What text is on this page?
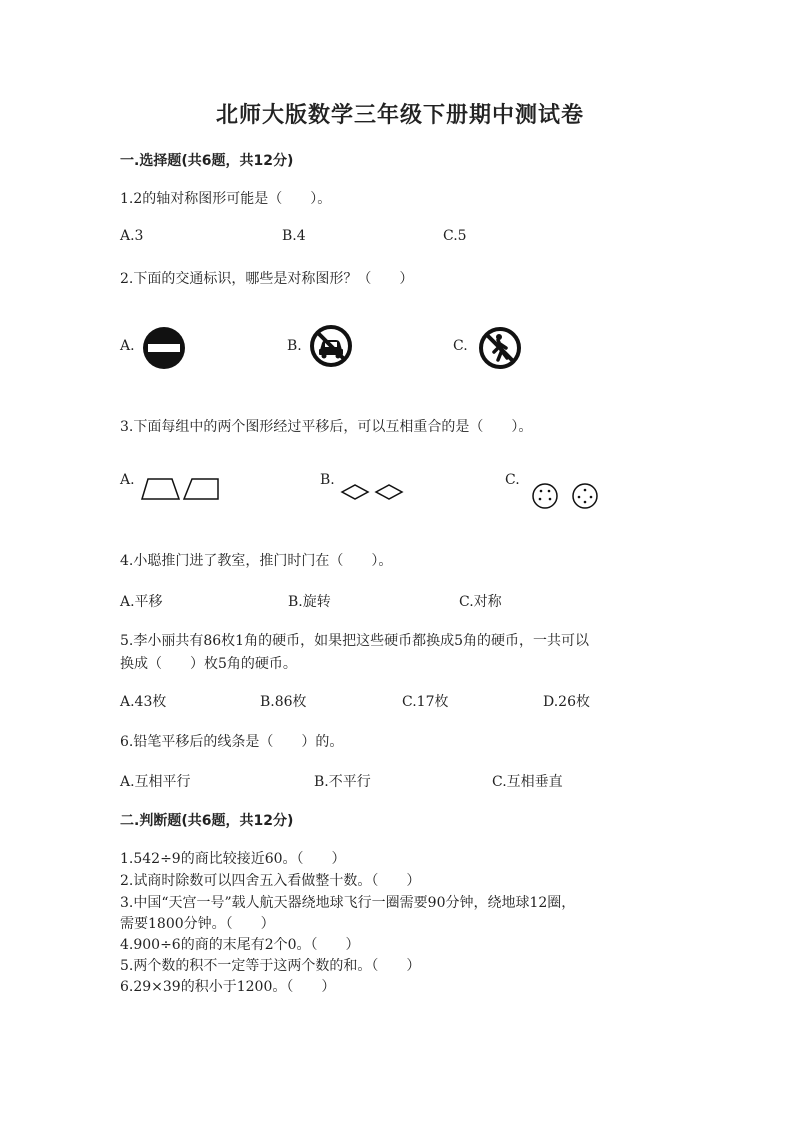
北师大版数学三年级下册期中测试卷
一.选择题(共6题，共12分)
1.2的轴对称图形可能是（　　）。
A.3	B.4	C.5
2.下面的交通标识，哪些是对称图形？（　　）
A.	B.	C.
3.下面每组中的两个图形经过平移后，可以互相重合的是（　　）。
A.	B.	C.
4.小聪推门进了教室，推门时门在（　　）。
A.平移	B.旋转	C.对称
5.李小丽共有86枚1角的硬币，如果把这些硬币都换成5角的硬币，一共可以
换成（　　）枚5角的硬币。
A.43枚	B.86枚	C.17枚	D.26枚
6.铅笔平移后的线条是（　　）的。
A.互相平行	B.不平行	C.互相垂直
二.判断题(共6题，共12分)
1.542÷9的商比较接近60。（　　）
2.试商时除数可以四舍五入看做整十数。（　　）
3.中国“天宫一号”载人航天器绕地球飞行一圈需要90分钟，绕地球12圈，
需要1800分钟。（　　）
4.900÷6的商的末尾有2个0。（　　）
5.两个数的积不一定等于这两个数的和。（　　）
6.29×39的积小于1200。（　　）
